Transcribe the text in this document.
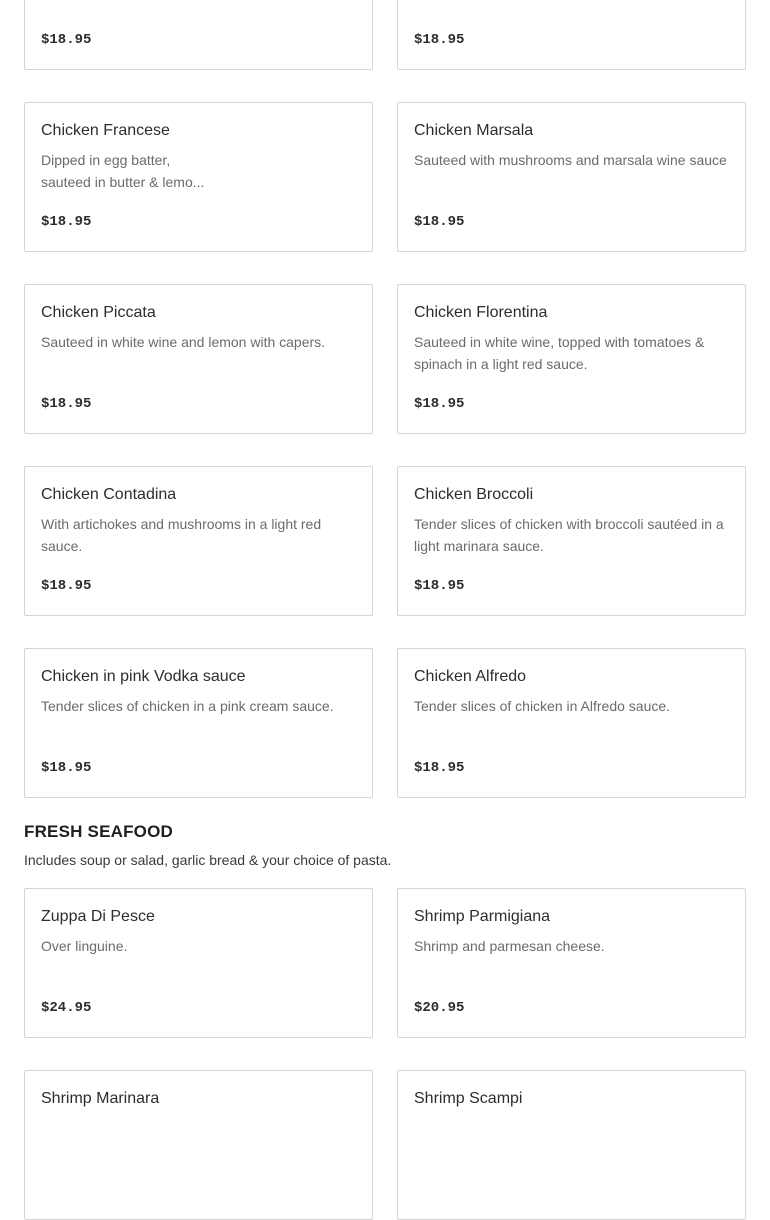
$18.95	$18.95
Chicken Francese
Dipped in egg batter,
sauteed in butter & lemo...
$18.95
Chicken Marsala
Sauteed with mushrooms and marsala wine sauce
$18.95
Chicken Piccata
Sauteed in white wine and lemon with capers.
$18.95
Chicken Florentina
Sauteed in white wine, topped with tomatoes & spinach in a light red sauce.
$18.95
Chicken Contadina
With artichokes and mushrooms in a light red sauce.
$18.95
Chicken Broccoli
Tender slices of chicken with broccoli sautéed in a light marinara sauce.
$18.95
Chicken in pink Vodka sauce
Tender slices of chicken in a pink cream sauce.
$18.95
Chicken Alfredo
Tender slices of chicken in Alfredo sauce.
$18.95
FRESH SEAFOOD
Includes soup or salad, garlic bread & your choice of pasta.
Zuppa Di Pesce
Over linguine.
$24.95
Shrimp Parmigiana
Shrimp and parmesan cheese.
$20.95
Shrimp Marinara	Shrimp Scampi
